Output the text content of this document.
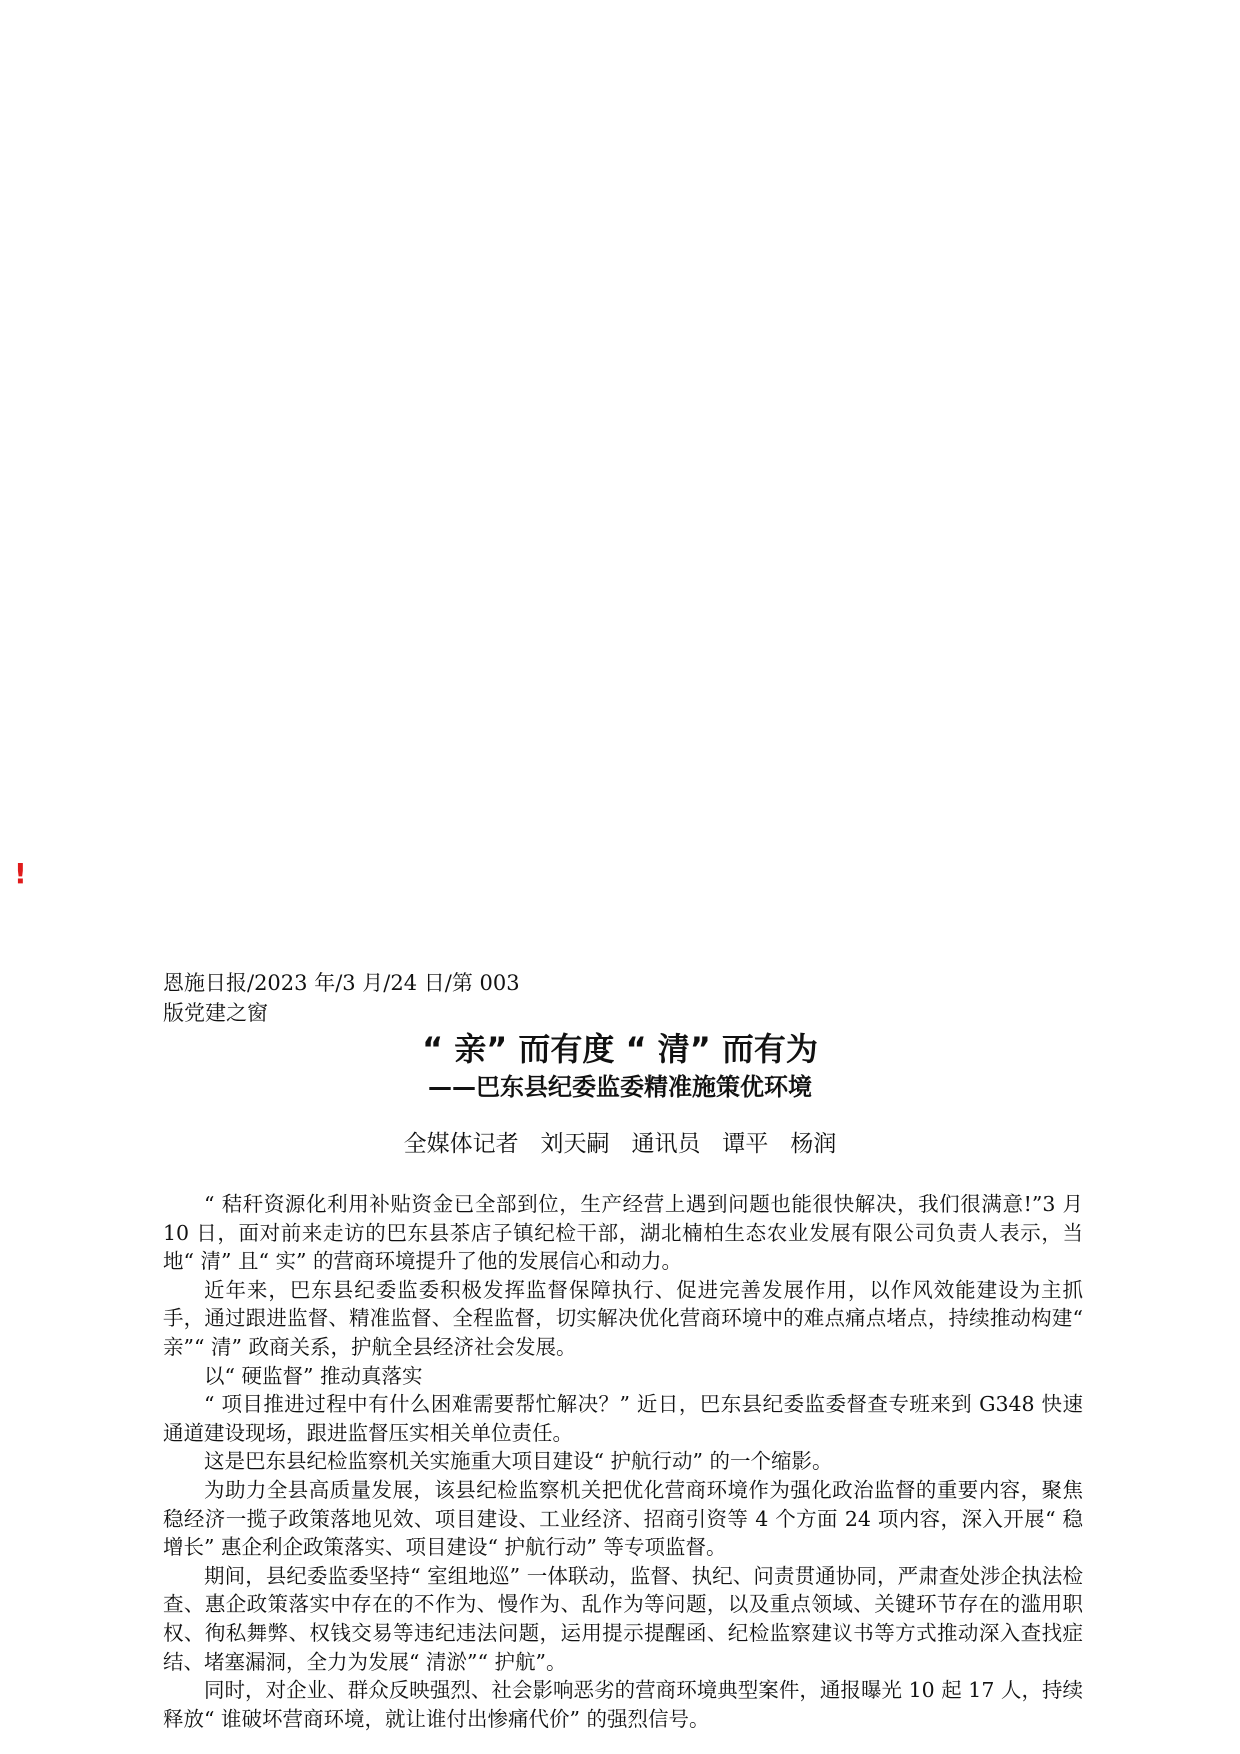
!
恩施日报/2023 年/3 月/24 日/第 003 版党建之窗
“ 亲” 而有度 “ 清” 而有为
——巴东县纪委监委精准施策优环境
全媒体记者   刘天嗣   通讯员   谭平   杨润

“ 秸秆资源化利用补贴资金已全部到位，生产经营上遇到问题也能很快解决，我们很满意!”3 月 10 日，面对前来走访的巴东县茶店子镇纪检干部，湖北楠柏生态农业发展有限公司负责人表示，当地“ 清” 且“ 实” 的营商环境提升了他的发展信心和动力。

近年来，巴东县纪委监委积极发挥监督保障执行、促进完善发展作用，以作风效能建设为主抓手，通过跟进监督、精准监督、全程监督，切实解决优化营商环境中的难点痛点堵点，持续推动构建“ 亲”“ 清” 政商关系，护航全县经济社会发展。

以“ 硬监督” 推动真落实

“ 项目推进过程中有什么困难需要帮忙解决？” 近日，巴东县纪委监委督查专班来到 G348 快速通道建设现场，跟进监督压实相关单位责任。

这是巴东县纪检监察机关实施重大项目建设“ 护航行动” 的一个缩影。

为助力全县高质量发展，该县纪检监察机关把优化营商环境作为强化政治监督的重要内容，聚焦稳经济一揽子政策落地见效、项目建设、工业经济、招商引资等 4 个方面 24 项内容，深入开展“ 稳增长” 惠企利企政策落实、项目建设“ 护航行动” 等专项监督。

期间，县纪委监委坚持“ 室组地巡” 一体联动，监督、执纪、问责贯通协同，严肃查处涉企执法检查、惠企政策落实中存在的不作为、慢作为、乱作为等问题，以及重点领域、关键环节存在的滥用职权、徇私舞弊、权钱交易等违纪违法问题，运用提示提醒函、纪检监察建议书等方式推动深入查找症结、堵塞漏洞，全力为发展“ 清淤”“ 护航”。

同时，对企业、群众反映强烈、社会影响恶劣的营商环境典型案件，通报曝光 10 起 17 人，持续释放“ 谁破坏营商环境，就让谁付出惨痛代价” 的强烈信号。
